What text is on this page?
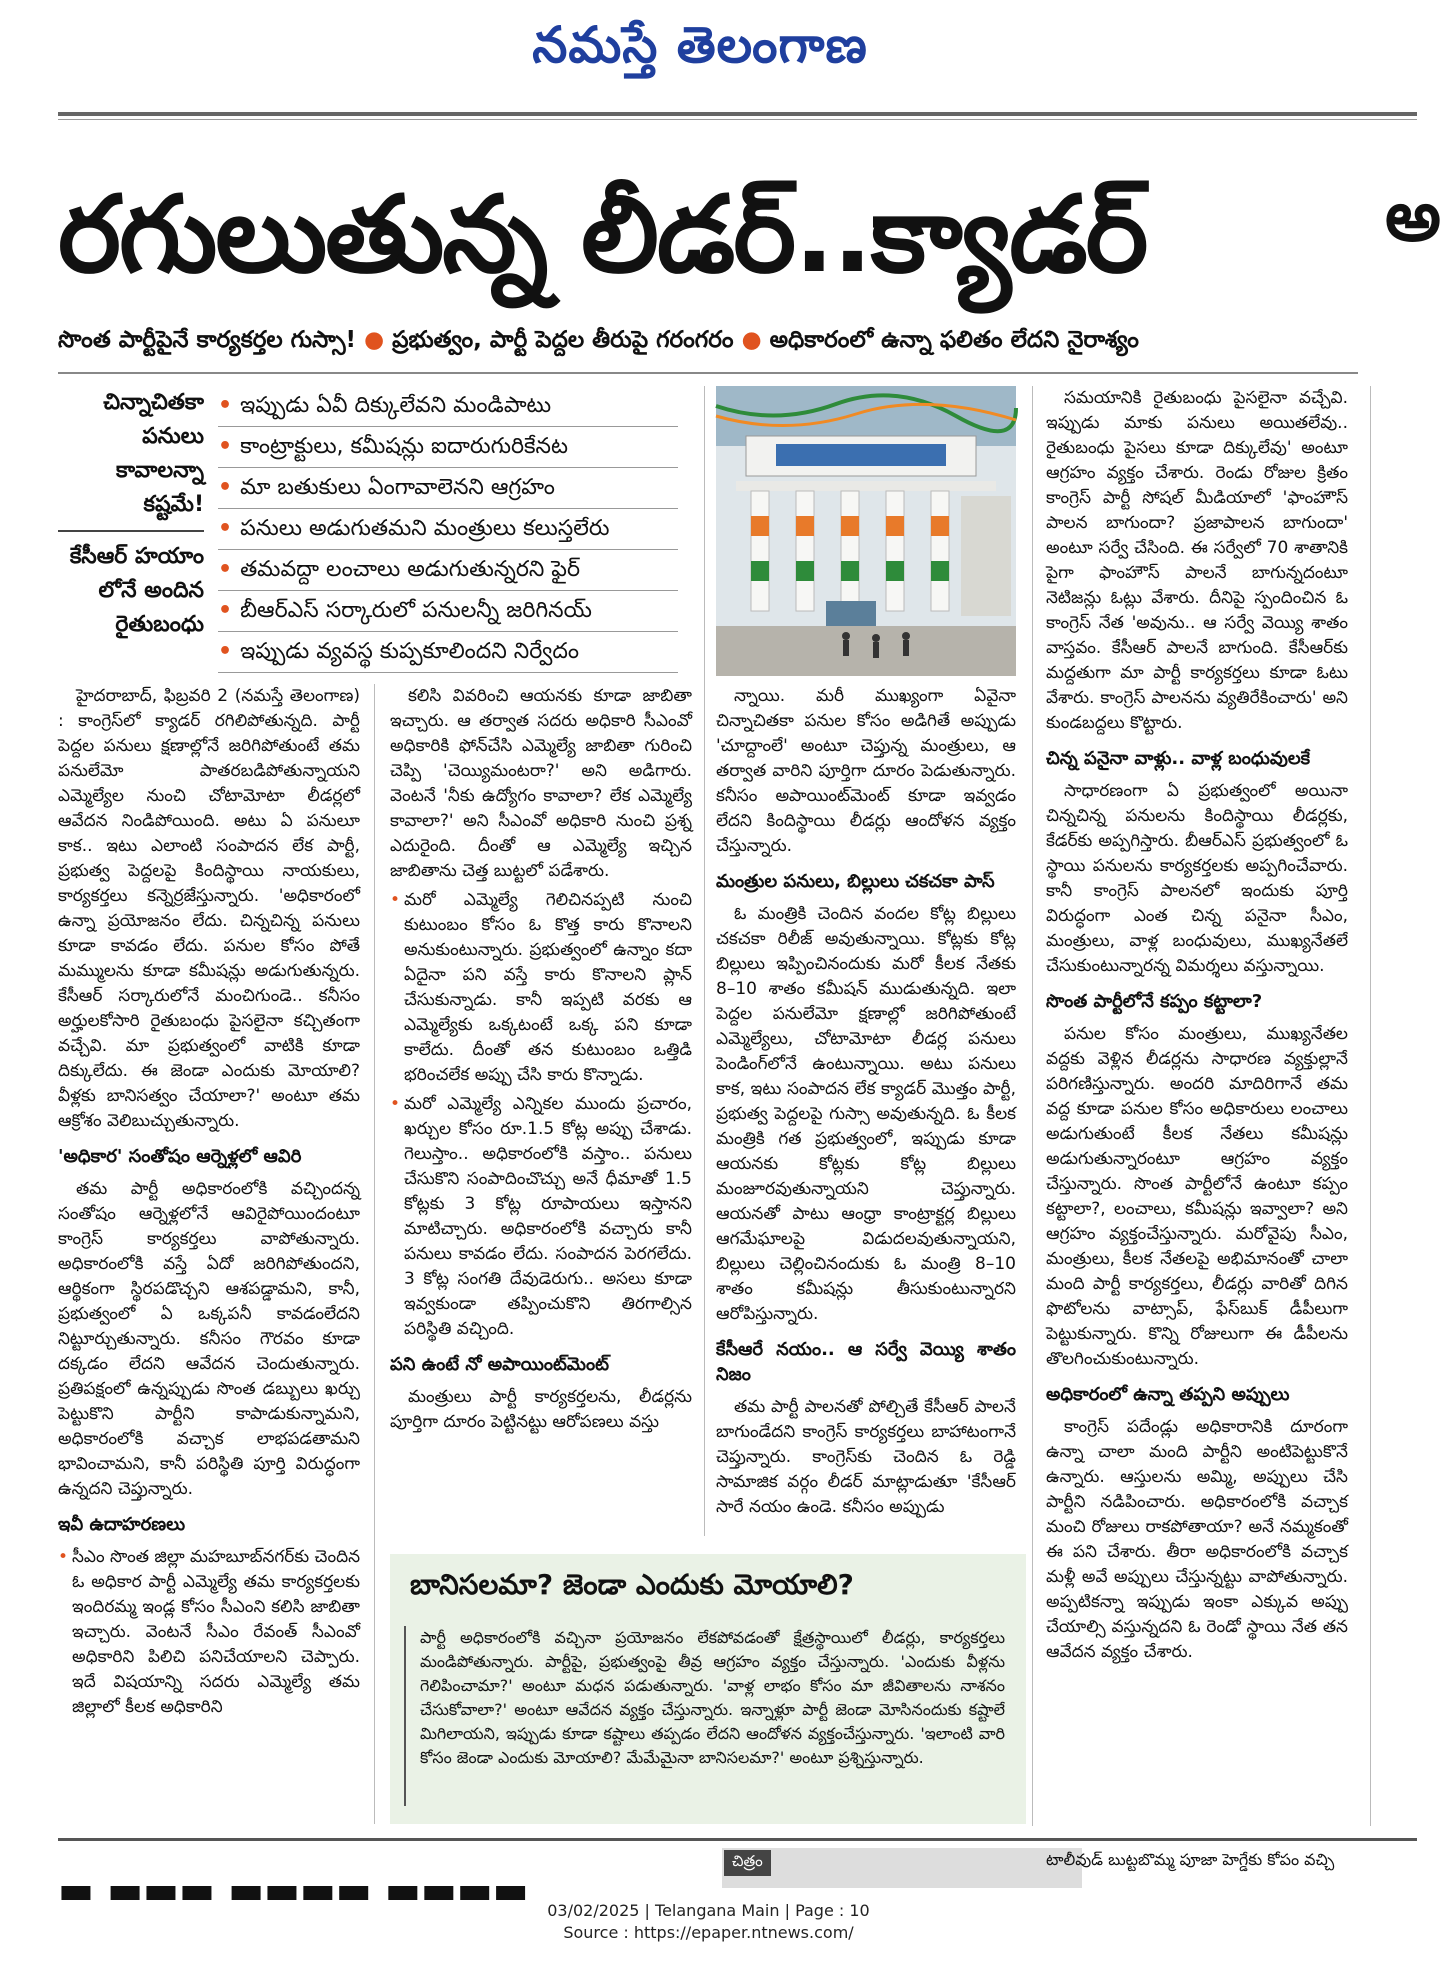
నమస్తే తెలంగాణ
రగులుతున్న లీడర్..క్యాడర్	అ
సొంత పార్టీపైనే కార్యకర్తల గుస్సా! ● ప్రభుత్వం, పార్టీ పెద్దల తీరుపై గరంగరం ● అధికారంలో ఉన్నా ఫలితం లేదని నైరాశ్యం
చిన్నాచితకా పనులు కావాలన్నా కష్టమే!
కేసీఆర్ హయాం లోనే అందిన రైతుబంధు
• ఇప్పుడు ఏవీ దిక్కులేవని మండిపాటు
• కాంట్రాక్టులు, కమీషన్లు ఐదారుగురికేనట
• మా బతుకులు ఏంగావాలెనని ఆగ్రహం
• పనులు అడుగుతమని మంత్రులు కలుస్తలేరు
• తమవద్దా లంచాలు అడుగుతున్నరని ఫైర్
• బీఆర్ఎస్ సర్కారులో పనులన్నీ జరిగినయ్
• ఇప్పుడు వ్యవస్థ కుప్పకూలిందని నిర్వేదం

హైదరాబాద్, ఫిబ్రవరి 2 (నమస్తే తెలంగాణ) : కాంగ్రెస్‌లో క్యాడర్ రగిలిపోతున్నది. పార్టీ పెద్దల పనులు క్షణాల్లోనే జరిగిపోతుంటే తమ పనులేమో పాతరబడిపోతున్నాయని ఎమ్మెల్యేల నుంచి చోటామోటా లీడర్లలో ఆవేదన నిండిపోయింది. అటు ఏ పనులూ కాక.. ఇటు ఎలాంటి సంపాదన లేక పార్టీ, ప్రభుత్వ పెద్దలపై కిందిస్థాయి నాయకులు, కార్యకర్తలు కన్నెర్రజేస్తున్నారు. 'అధికారంలో ఉన్నా ప్రయోజనం లేదు. చిన్నచిన్న పనులు కూడా కావడం లేదు. పనుల కోసం పోతే మమ్ములను కూడా కమీషన్లు అడుగుతున్నరు. కేసీఆర్ సర్కారులోనే మంచిగుండె.. కనీసం అర్హులకోసారి రైతుబంధు పైసలైనా కచ్చితంగా వచ్చేవి. మా ప్రభుత్వంలో వాటికి కూడా దిక్కులేదు. ఈ జెండా ఎందుకు మోయాలి? వీళ్లకు బానిసత్వం చేయాలా?' అంటూ తమ ఆక్రోశం వెలిబుచ్చుతున్నారు.

'అధికార' సంతోషం ఆర్నెళ్లలో ఆవిరి

తమ పార్టీ అధికారంలోకి వచ్చిందన్న సంతోషం ఆర్నెళ్లలోనే ఆవిరైపోయిందంటూ కాంగ్రెస్ కార్యకర్తలు వాపోతున్నారు. అధికారంలోకి వస్తే ఏదో జరిగిపోతుందని, ఆర్థికంగా స్థిరపడొచ్చని ఆశపడ్డామని, కానీ, ప్రభుత్వంలో ఏ ఒక్కపనీ కావడంలేదని నిట్టూర్చుతున్నారు. కనీసం గౌరవం కూడా దక్కడం లేదని ఆవేదన చెందుతున్నారు. ప్రతిపక్షంలో ఉన్నప్పుడు సొంత డబ్బులు ఖర్చు పెట్టుకొని పార్టీని కాపాడుకున్నామని, అధికారంలోకి వచ్చాక లాభపడతామని భావించామని, కానీ పరిస్థితి పూర్తి విరుద్ధంగా ఉన్నదని చెప్తున్నారు.

ఇవీ ఉదాహరణలు

• సీఎం సొంత జిల్లా మహబూబ్‌నగర్‌కు చెందిన ఓ అధికార పార్టీ ఎమ్మెల్యే తమ కార్యకర్తలకు ఇందిరమ్మ ఇండ్ల కోసం సీఎంని కలిసి జాబితా ఇచ్చారు. వెంటనే సీఎం రేవంత్ సీఎంవో అధికారిని పిలిచి పనిచేయాలని చెప్పారు. ఇదే విషయాన్ని సదరు ఎమ్మెల్యే తమ జిల్లాలో కీలక అధికారిని

కలిసి వివరించి ఆయనకు కూడా జాబితా ఇచ్చారు. ఆ తర్వాత సదరు అధికారి సీఎంవో అధికారికి ఫోన్‌చేసి ఎమ్మెల్యే జాబితా గురించి చెప్పి 'చెయ్యిమంటరా?' అని అడిగారు. వెంటనే 'నీకు ఉద్యోగం కావాలా? లేక ఎమ్మెల్యే కావాలా?' అని సీఎంవో అధికారి నుంచి ప్రశ్న ఎదురైంది. దీంతో ఆ ఎమ్మెల్యే ఇచ్చిన జాబితాను చెత్త బుట్టలో పడేశారు.

• మరో ఎమ్మెల్యే గెలిచినప్పటి నుంచి కుటుంబం కోసం ఓ కొత్త కారు కొనాలని అనుకుంటున్నారు. ప్రభుత్వంలో ఉన్నాం కదా ఏదైనా పని వస్తే కారు కొనాలని ప్లాన్ చేసుకున్నాడు. కానీ ఇప్పటి వరకు ఆ ఎమ్మెల్యేకు ఒక్కటంటే ఒక్క పని కూడా కాలేదు. దీంతో తన కుటుంబం ఒత్తిడి భరించలేక అప్పు చేసి కారు కొన్నాడు.

• మరో ఎమ్మెల్యే ఎన్నికల ముందు ప్రచారం, ఖర్చుల కోసం రూ.1.5 కోట్ల అప్పు చేశాడు. గెలుస్తాం.. అధికారంలోకి వస్తాం.. పనులు చేసుకొని సంపాదించొచ్చు అనే ధీమాతో 1.5 కోట్లకు 3 కోట్ల రూపాయలు ఇస్తానని మాటిచ్చారు. అధికారంలోకి వచ్చారు కానీ పనులు కావడం లేదు. సంపాదన పెరగలేదు. 3 కోట్ల సంగతి దేవుడెరుగు.. అసలు కూడా ఇవ్వకుండా తప్పించుకొని తిరగాల్సిన పరిస్థితి వచ్చింది.

పని ఉంటే నో అపాయింట్‌మెంట్

మంత్రులు పార్టీ కార్యకర్తలను, లీడర్లను పూర్తిగా దూరం పెట్టినట్టు ఆరోపణలు వస్తు

న్నాయి. మరీ ముఖ్యంగా ఏవైనా చిన్నాచితకా పనుల కోసం అడిగితే అప్పుడు 'చూద్దాంలే' అంటూ చెప్తున్న మంత్రులు, ఆ తర్వాత వారిని పూర్తిగా దూరం పెడుతున్నారు. కనీసం అపాయింట్‌మెంట్ కూడా ఇవ్వడం లేదని కిందిస్థాయి లీడర్లు ఆందోళన వ్యక్తం చేస్తున్నారు.

మంత్రుల పనులు, బిల్లులు చకచకా పాస్

ఓ మంత్రికి చెందిన వందల కోట్ల బిల్లులు చకచకా రిలీజ్ అవుతున్నాయి. కోట్లకు కోట్ల బిల్లులు ఇప్పించినందుకు మరో కీలక నేతకు 8–10 శాతం కమీషన్ ముడుతున్నది. ఇలా పెద్దల పనులేమో క్షణాల్లో జరిగిపోతుంటే ఎమ్మెల్యేలు, చోటామోటా లీడర్ల పనులు పెండింగ్‌లోనే ఉంటున్నాయి. అటు పనులు కాక, ఇటు సంపాదన లేక క్యాడర్ మొత్తం పార్టీ, ప్రభుత్వ పెద్దలపై గుస్సా అవుతున్నది. ఓ కీలక మంత్రికి గత ప్రభుత్వంలో, ఇప్పుడు కూడా ఆయనకు కోట్లకు కోట్ల బిల్లులు మంజూరవుతున్నాయని చెప్తున్నారు. ఆయనతో పాటు ఆంధ్రా కాంట్రాక్టర్ల బిల్లులు ఆగమేఘాలపై విడుదలవుతున్నాయని, బిల్లులు చెల్లించినందుకు ఓ మంత్రి 8–10 శాతం కమీషన్లు తీసుకుంటున్నారని ఆరోపిస్తున్నారు.

కేసీఆరే నయం.. ఆ సర్వే వెయ్యి శాతం నిజం

తమ పార్టీ పాలనతో పోల్చితే కేసీఆర్ పాలనే బాగుండేదని కాంగ్రెస్ కార్యకర్తలు బాహాటంగానే చెప్తున్నారు. కాంగ్రెస్‌కు చెందిన ఓ రెడ్డి సామాజిక వర్గం లీడర్ మాట్లాడుతూ 'కేసీఆర్ సారే నయం ఉండె. కనీసం అప్పుడు

సమయానికి రైతుబంధు పైసలైనా వచ్చేవి. ఇప్పుడు మాకు పనులు అయితలేవు.. రైతుబంధు పైసలు కూడా దిక్కులేవు' అంటూ ఆగ్రహం వ్యక్తం చేశారు. రెండు రోజుల క్రితం కాంగ్రెస్ పార్టీ సోషల్ మీడియాలో 'ఫాంహౌస్ పాలన బాగుందా? ప్రజాపాలన బాగుందా' అంటూ సర్వే చేసింది. ఈ సర్వేలో 70 శాతానికి పైగా ఫాంహౌస్ పాలనే బాగున్నదంటూ నెటిజన్లు ఓట్లు వేశారు. దీనిపై స్పందించిన ఓ కాంగ్రెస్ నేత 'అవును.. ఆ సర్వే వెయ్యి శాతం వాస్తవం. కేసీఆర్ పాలనే బాగుంది. కేసీఆర్‌కు మద్దతుగా మా పార్టీ కార్యకర్తలు కూడా ఓటు వేశారు. కాంగ్రెస్ పాలనను వ్యతిరేకించారు' అని కుండబద్దలు కొట్టారు.

చిన్న పనైనా వాళ్లు.. వాళ్ల బంధువులకే

సాధారణంగా ఏ ప్రభుత్వంలో అయినా చిన్నచిన్న పనులను కిందిస్థాయి లీడర్లకు, కేడర్‌కు అప్పగిస్తారు. బీఆర్ఎస్ ప్రభుత్వంలో ఓ స్థాయి పనులను కార్యకర్తలకు అప్పగించేవారు. కానీ కాంగ్రెస్ పాలనలో ఇందుకు పూర్తి విరుద్ధంగా ఎంత చిన్న పనైనా సీఎం, మంత్రులు, వాళ్ల బంధువులు, ముఖ్యనేతలే చేసుకుంటున్నారన్న విమర్శలు వస్తున్నాయి.

సొంత పార్టీలోనే కప్పం కట్టాలా?

పనుల కోసం మంత్రులు, ముఖ్యనేతల వద్దకు వెళ్లిన లీడర్లను సాధారణ వ్యక్తుల్లానే పరిగణిస్తున్నారు. అందరి మాదిరిగానే తమ వద్ద కూడా పనుల కోసం అధికారులు లంచాలు అడుగుతుంటే కీలక నేతలు కమీషన్లు అడుగుతున్నారంటూ ఆగ్రహం వ్యక్తం చేస్తున్నారు. సొంత పార్టీలోనే ఉంటూ కప్పం కట్టాలా?, లంచాలు, కమీషన్లు ఇవ్వాలా? అని ఆగ్రహం వ్యక్తంచేస్తున్నారు. మరోవైపు సీఎం, మంత్రులు, కీలక నేతలపై అభిమానంతో చాలా మంది పార్టీ కార్యకర్తలు, లీడర్లు వారితో దిగిన ఫొటోలను వాట్సాప్, ఫేస్‌బుక్ డీపీలుగా పెట్టుకున్నారు. కొన్ని రోజులుగా ఈ డీపీలను తొలగించుకుంటున్నారు.

అధికారంలో ఉన్నా తప్పని అప్పులు

కాంగ్రెస్ పదేండ్లు అధికారానికి దూరంగా ఉన్నా చాలా మంది పార్టీని అంటిపెట్టుకొనే ఉన్నారు. ఆస్తులను అమ్మి, అప్పులు చేసి పార్టీని నడిపించారు. అధికారంలోకి వచ్చాక మంచి రోజులు రాకపోతాయా? అనే నమ్మకంతో ఈ పని చేశారు. తీరా అధికారంలోకి వచ్చాక మళ్లీ అవే అప్పులు చేస్తున్నట్టు వాపోతున్నారు. అప్పటికన్నా ఇప్పుడు ఇంకా ఎక్కువ అప్పు చేయాల్సి వస్తున్నదని ఓ రెండో స్థాయి నేత తన ఆవేదన వ్యక్తం చేశారు.

బానిసలమా? జెండా ఎందుకు మోయాలి?

పార్టీ అధికారంలోకి వచ్చినా ప్రయోజనం లేకపోవడంతో క్షేత్రస్థాయిలో లీడర్లు, కార్యకర్తలు మండిపోతున్నారు. పార్టీపై, ప్రభుత్వంపై తీవ్ర ఆగ్రహం వ్యక్తం చేస్తున్నారు. 'ఎందుకు వీళ్లను గెలిపించామా?' అంటూ మధన పడుతున్నారు. 'వాళ్ల లాభం కోసం మా జీవితాలను నాశనం చేసుకోవాలా?' అంటూ ఆవేదన వ్యక్తం చేస్తున్నారు. ఇన్నాళ్లూ పార్టీ జెండా మోసినందుకు కష్టాలే మిగిలాయని, ఇప్పుడు కూడా కష్టాలు తప్పడం లేదని ఆందోళన వ్యక్తంచేస్తున్నారు. 'ఇలాంటి వారి కోసం జెండా ఎందుకు మోయాలి? మేమేమైనా బానిసలమా?' అంటూ ప్రశ్నిస్తున్నారు.

▬ ▬▬▬ ▬▬▬▬ ▬▬▬▬
చిత్రం	టాలీవుడ్ బుట్టబొమ్మ పూజా హెగ్డేకు కోపం వచ్చి
03/02/2025 | Telangana Main | Page : 10
Source : https://epaper.ntnews.com/
